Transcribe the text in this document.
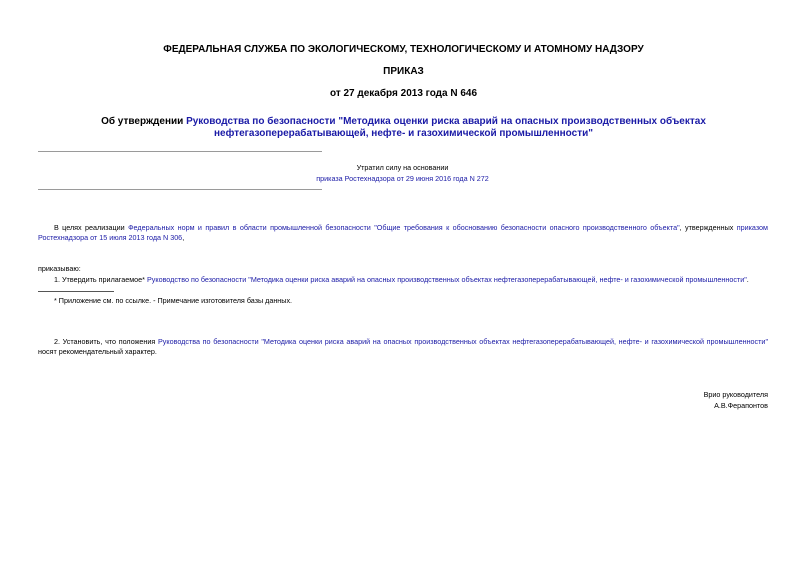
ФЕДЕРАЛЬНАЯ СЛУЖБА ПО ЭКОЛОГИЧЕСКОМУ, ТЕХНОЛОГИЧЕСКОМУ И АТОМНОМУ НАДЗОРУ
ПРИКАЗ
от 27 декабря 2013 года N 646
Об утверждении Руководства по безопасности "Методика оценки риска аварий на опасных производственных объектах нефтегазоперерабатывающей, нефте- и газохимической промышленности"
Утратил силу на основании
приказа Ростехнадзора от 29 июня 2016 года N 272
В целях реализации Федеральных норм и правил в области промышленной безопасности "Общие требования к обоснованию безопасности опасного производственного объекта", утвержденных приказом Ростехнадзора от 15 июля 2013 года N 306,
приказываю:
1. Утвердить прилагаемое* Руководство по безопасности "Методика оценки риска аварий на опасных производственных объектах нефтегазоперерабатывающей, нефте- и газохимической промышленности".
* Приложение см. по ссылке. - Примечание изготовителя базы данных.
2. Установить, что положения Руководства по безопасности "Методика оценки риска аварий на опасных производственных объектах нефтегазоперерабатывающей, нефте- и газохимической промышленности" носят рекомендательный характер.
Врио руководителя
А.В.Ферапонтов
